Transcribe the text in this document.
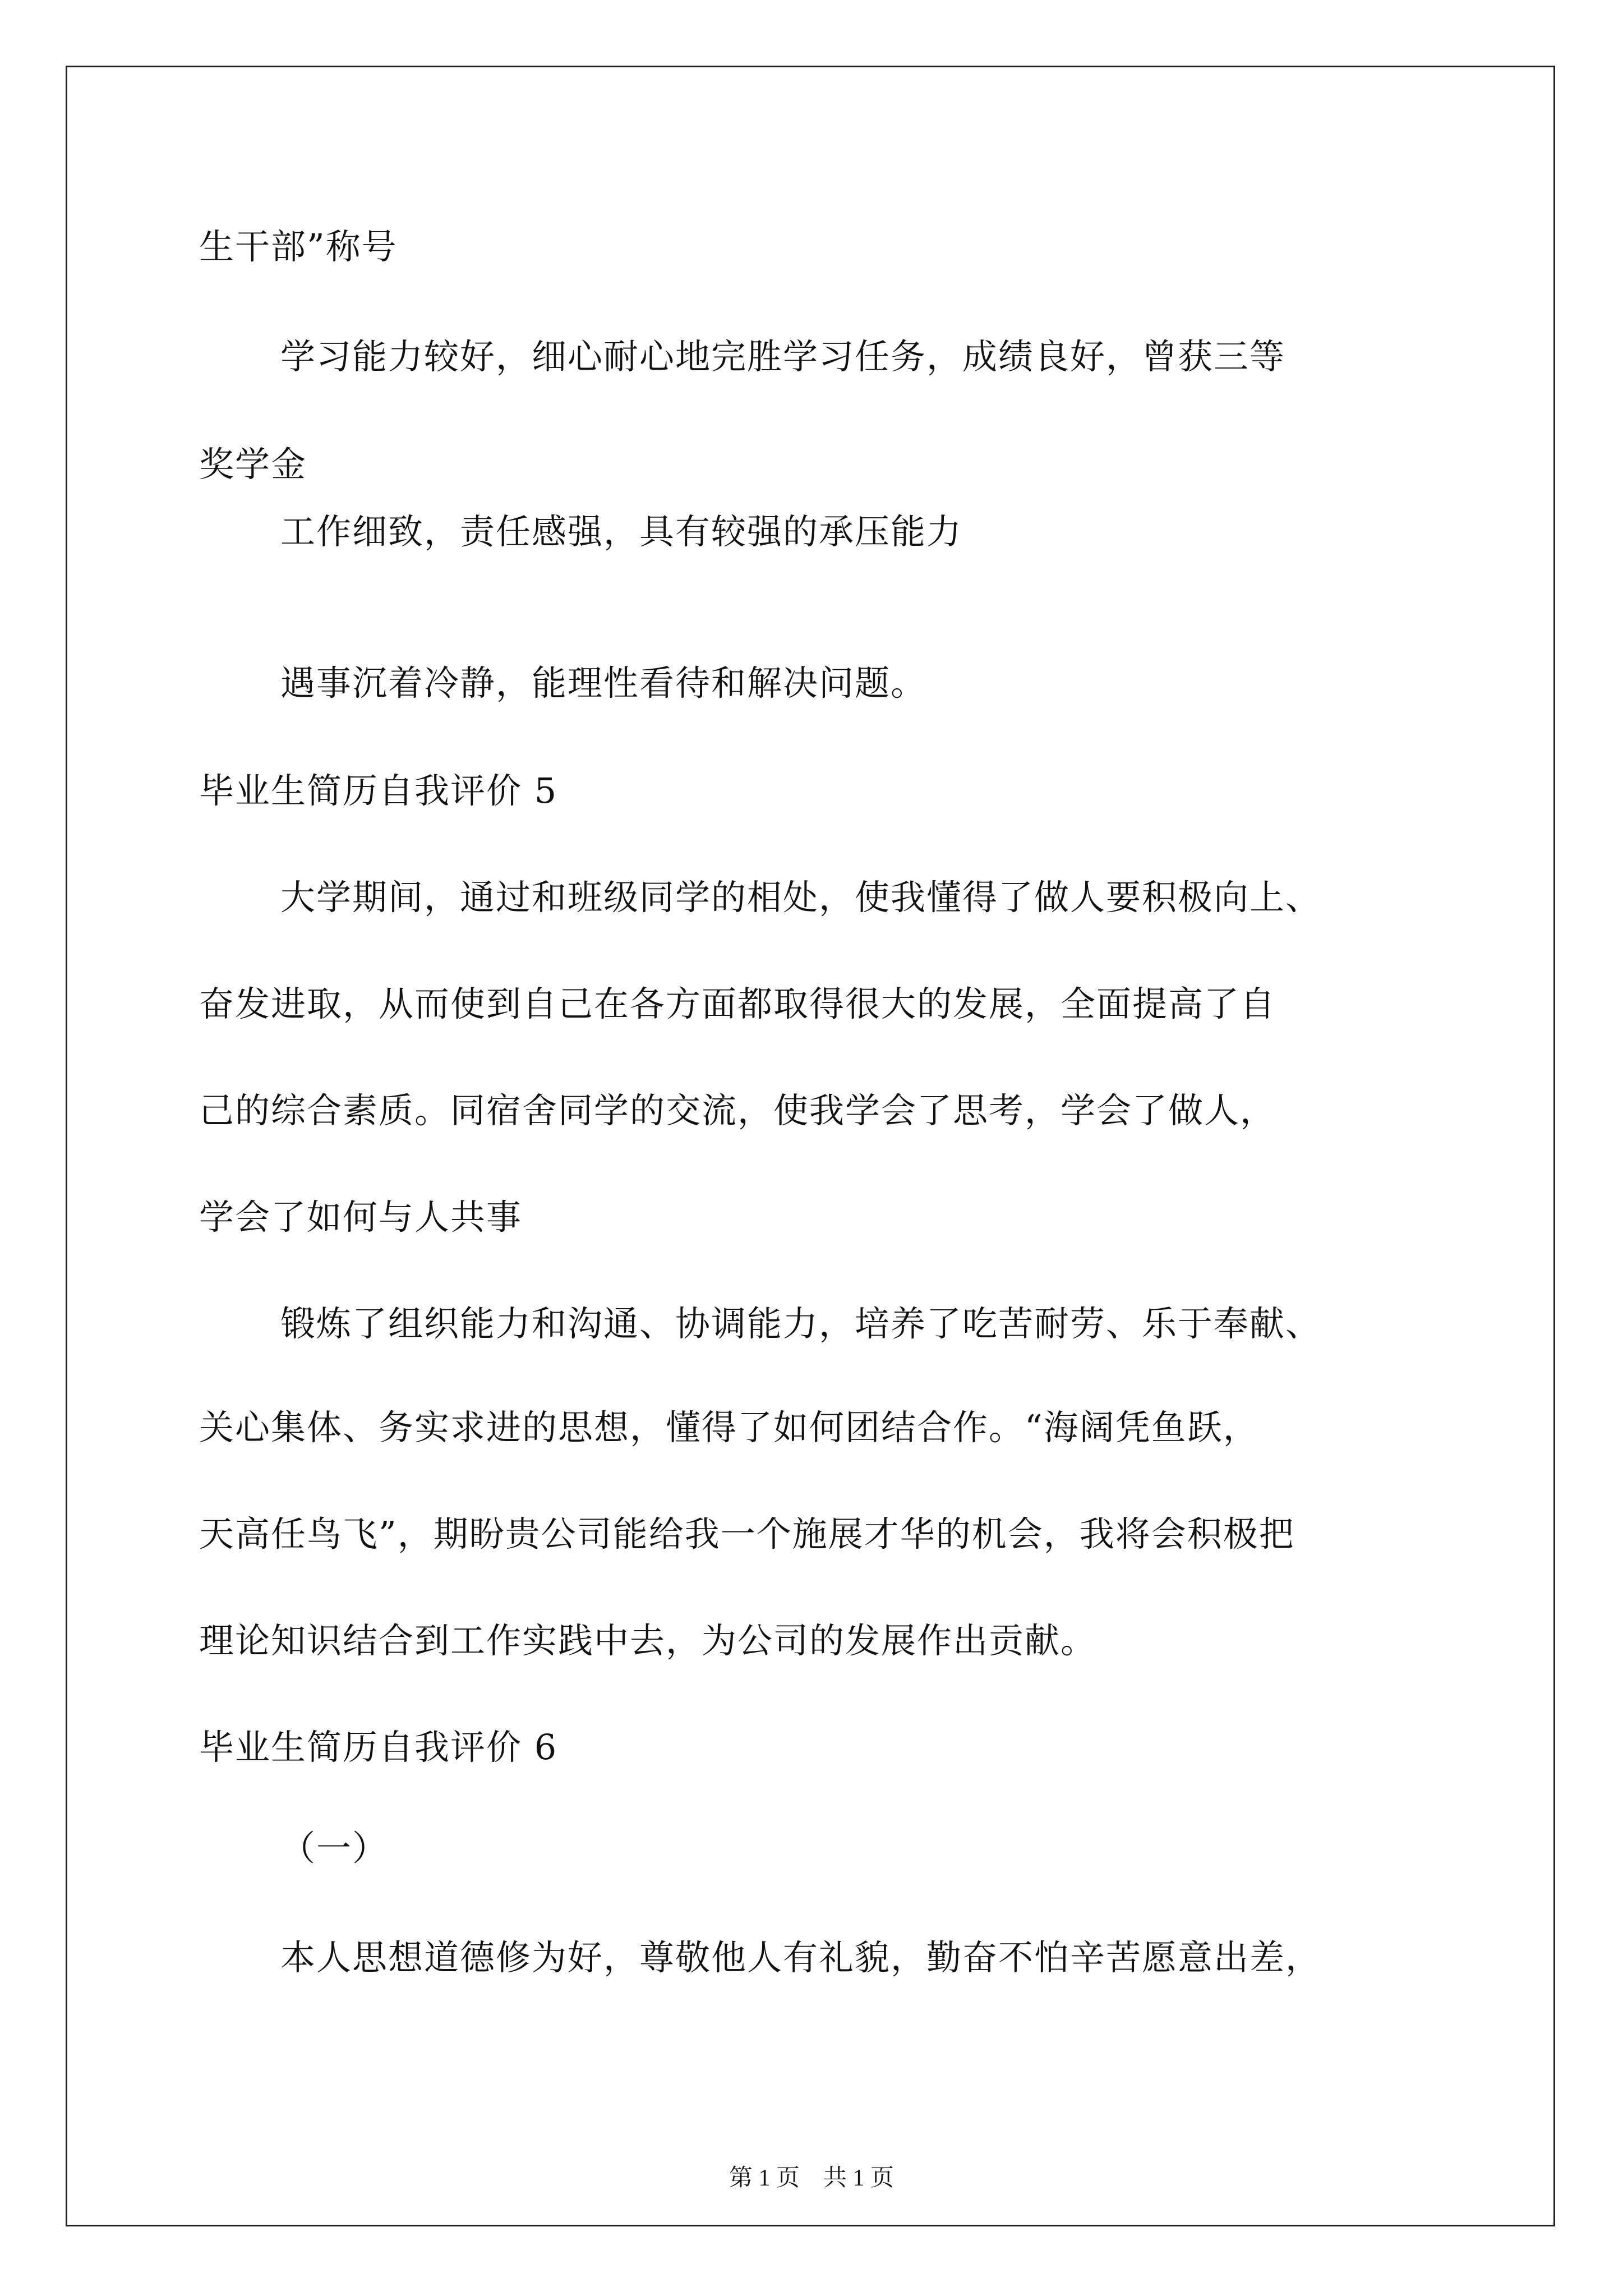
生干部”称号
学习能力较好，细心耐心地完胜学习任务，成绩良好，曾获三等
奖学金
工作细致，责任感强，具有较强的承压能力
遇事沉着冷静，能理性看待和解决问题。
毕业生简历自我评价 5
大学期间，通过和班级同学的相处，使我懂得了做人要积极向上、
奋发进取，从而使到自己在各方面都取得很大的发展，全面提高了自
己的综合素质。同宿舍同学的交流，使我学会了思考，学会了做人，
学会了如何与人共事
锻炼了组织能力和沟通、协调能力，培养了吃苦耐劳、乐于奉献、
关心集体、务实求进的思想，懂得了如何团结合作。“海阔凭鱼跃，
天高任鸟飞”，期盼贵公司能给我一个施展才华的机会，我将会积极把
理论知识结合到工作实践中去，为公司的发展作出贡献。
毕业生简历自我评价 6
（一）
本人思想道德修为好，尊敬他人有礼貌，勤奋不怕辛苦愿意出差，
第 1 页　共 1 页
